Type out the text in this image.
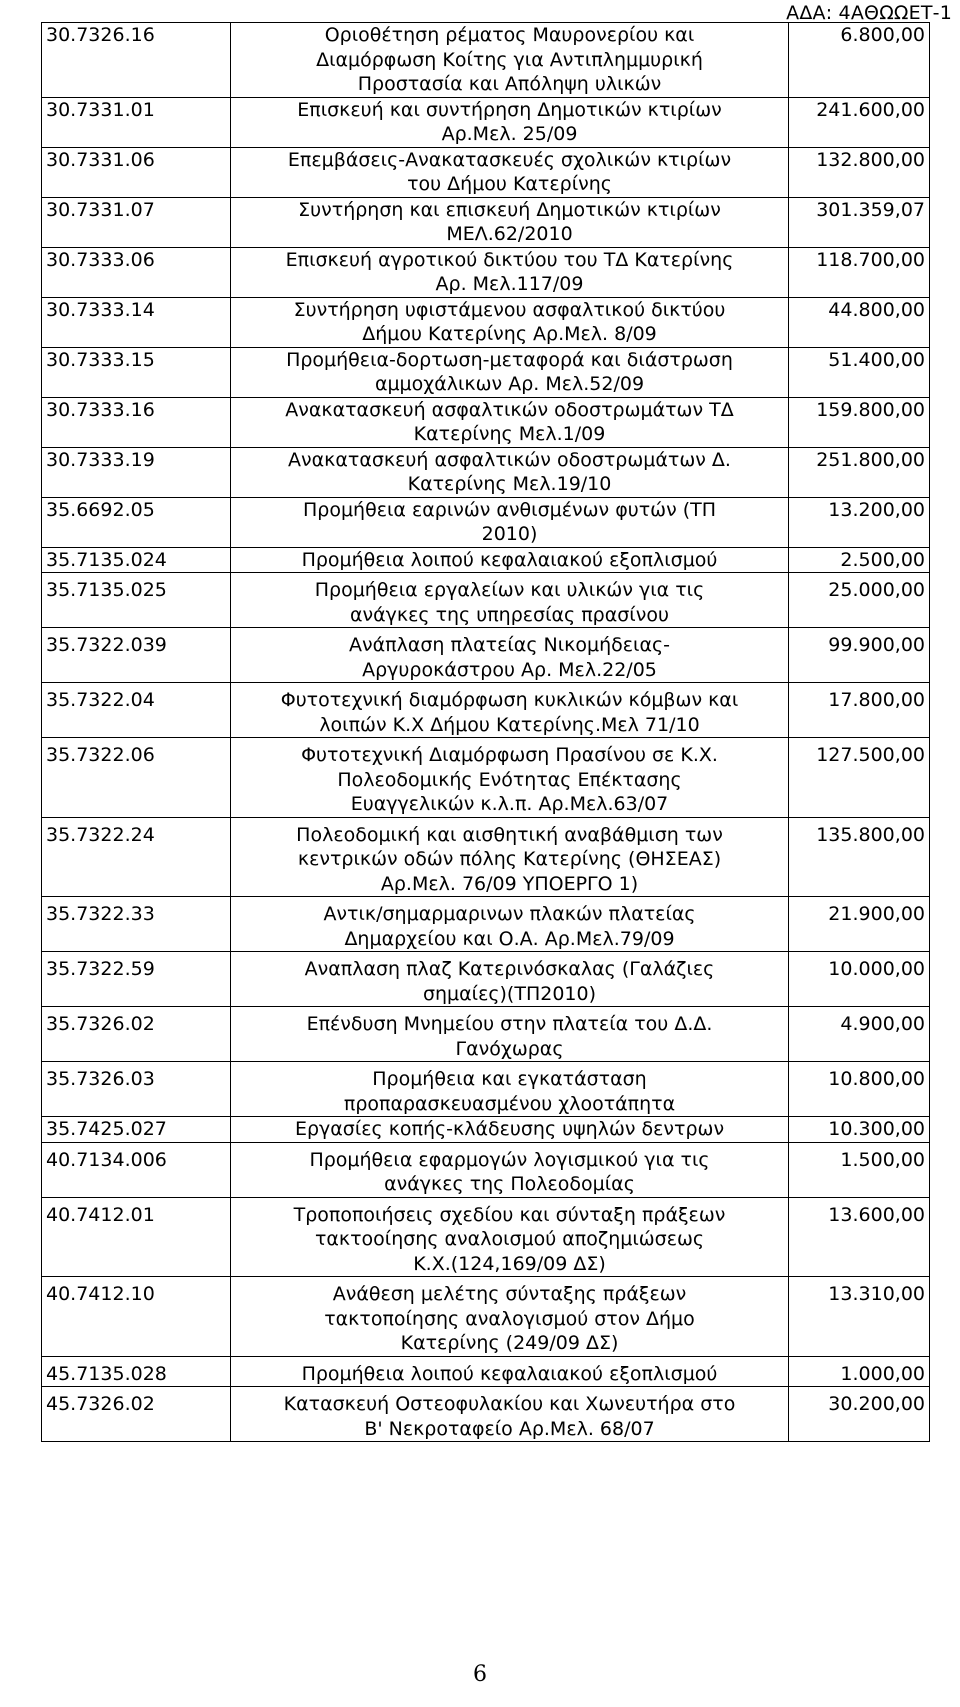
ΑΔΑ: 4ΑΘΩΩΕΤ-1
30.7326.16	Οριοθέτηση ρέματος Μαυρονερίου και
Διαμόρφωση Κοίτης για Αντιπλημμυρική
Προστασία και Απόληψη υλικών	6.800,00
30.7331.01	Επισκευή και συντήρηση Δημοτικών κτιρίων
Αρ.Μελ. 25/09	241.600,00
30.7331.06	Επεμβάσεις-Ανακατασκευές σχολικών κτιρίων
του Δήμου Κατερίνης	132.800,00
30.7331.07	Συντήρηση και επισκευή Δημοτικών κτιρίων
ΜΕΛ.62/2010	301.359,07
30.7333.06	Επισκευή αγροτικού δικτύου του ΤΔ Κατερίνης
Αρ. Μελ.117/09	118.700,00
30.7333.14	Συντήρηση υφιστάμενου ασφαλτικού δικτύου
Δήμου Κατερίνης Αρ.Μελ. 8/09	44.800,00
30.7333.15	Προμήθεια-δορτωση-μεταφορά και διάστρωση
αμμοχάλικων Αρ. Μελ.52/09	51.400,00
30.7333.16	Ανακατασκευή ασφαλτικών οδοστρωμάτων ΤΔ
Κατερίνης Μελ.1/09	159.800,00
30.7333.19	Ανακατασκευή ασφαλτικών οδοστρωμάτων Δ.
Κατερίνης Μελ.19/10	251.800,00
35.6692.05	Προμήθεια εαρινών ανθισμένων φυτών (ΤΠ
2010)	13.200,00
35.7135.024	Προμήθεια λοιπού κεφαλαιακού εξοπλισμού	2.500,00
35.7135.025	Προμήθεια εργαλείων και υλικών για τις
ανάγκες της υπηρεσίας πρασίνου	25.000,00
35.7322.039	Ανάπλαση πλατείας Νικομήδειας-
Αργυροκάστρου Αρ. Μελ.22/05	99.900,00
35.7322.04	Φυτοτεχνική διαμόρφωση κυκλικών κόμβων και
λοιπών Κ.Χ Δήμου Κατερίνης.Μελ 71/10	17.800,00
35.7322.06	Φυτοτεχνική Διαμόρφωση Πρασίνου σε Κ.Χ.
Πολεοδομικής Ενότητας Επέκτασης
Ευαγγελικών κ.λ.π. Αρ.Μελ.63/07	127.500,00
35.7322.24	Πολεοδομική και αισθητική αναβάθμιση των
κεντρικών οδών πόλης Κατερίνης (ΘΗΣΕΑΣ)
Αρ.Μελ. 76/09 ΥΠΟΕΡΓΟ 1)	135.800,00
35.7322.33	Αντικ/σημαρμαρινων πλακών πλατείας
Δημαρχείου και Ο.Α. Αρ.Μελ.79/09	21.900,00
35.7322.59	Αναπλαση πλαζ Κατερινόσκαλας (Γαλάζιες
σημαίες)(ΤΠ2010)	10.000,00
35.7326.02	Επένδυση Μνημείου στην πλατεία του Δ.Δ.
Γανόχωρας	4.900,00
35.7326.03	Προμήθεια και εγκατάσταση
προπαρασκευασμένου χλοοτάπητα	10.800,00
35.7425.027	Εργασίες κοπής-κλάδευσης υψηλών δεντρων	10.300,00
40.7134.006	Προμήθεια εφαρμογών λογισμικού για τις
ανάγκες της Πολεοδομίας	1.500,00
40.7412.01	Τροποποιήσεις σχεδίου και σύνταξη πράξεων
τακτοοίησης αναλοισμού αποζημιώσεως
Κ.Χ.(124,169/09 ΔΣ)	13.600,00
40.7412.10	Ανάθεση μελέτης σύνταξης πράξεων
τακτοποίησης αναλογισμού στον Δήμο
Κατερίνης (249/09 ΔΣ)	13.310,00
45.7135.028	Προμήθεια λοιπού κεφαλαιακού εξοπλισμού	1.000,00
45.7326.02	Κατασκευή Οστεοφυλακίου και Χωνευτήρα στο
Β' Νεκροταφείο Αρ.Μελ. 68/07	30.200,00
6
